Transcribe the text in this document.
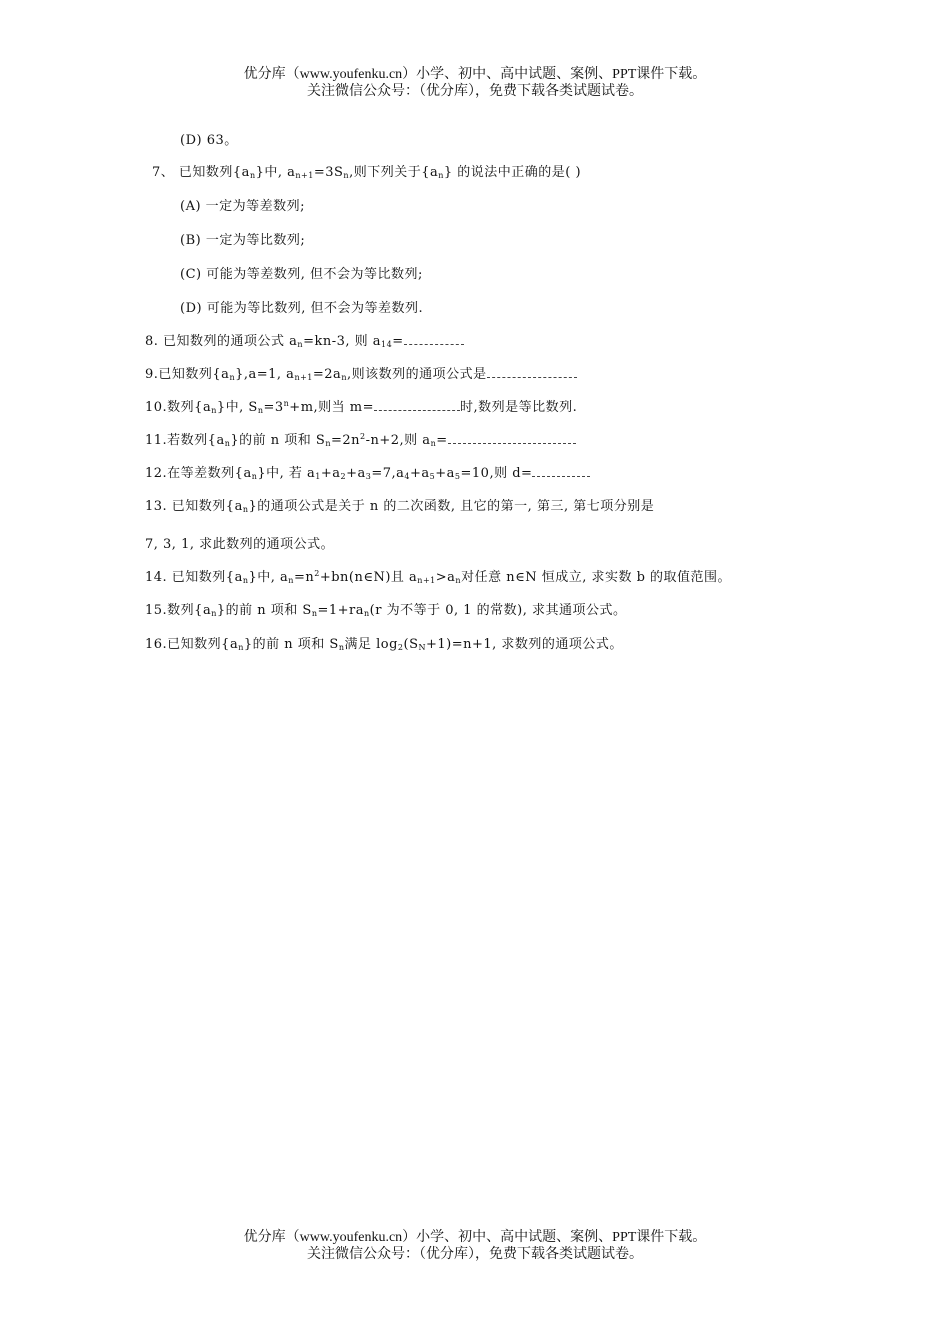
优分库（www.youfenku.cn）小学、初中、高中试题、案例、PPT课件下载。
关注微信公众号：（优分库），免费下载各类试题试卷。
(D) 63。
7、 已知数列$\{a_n\}$中, $a_{n+1}=3S_n$,则下列关于$\{a_n\}$ 的说法中正确的是( )
(A) 一定为等差数列;
(B) 一定为等比数列;
(C) 可能为等差数列, 但不会为等比数列;
(D) 可能为等比数列, 但不会为等差数列.
8. 已知数列的通项公式 $a_n=kn-3$, 则 $a_{14}=$
9.已知数列$\{a_n\},a=1$, $a_{n+1}=2a_n$,则该数列的通项公式是
10.数列$\{a_n\}$中, $S_n=3^n+m$,则当 m=	时,数列是等比数列.
11.若数列$\{a_n\}$的前 n 项和 $S_n=2n^2-n+2$,则 $a_n=$
12.在等差数列$\{a_n\}$中, 若 $a_1+a_2+a_3=7,a_4+a_5+a_5=10$,则 d=
13. 已知数列$\{a_n\}$的通项公式是关于 n 的二次函数, 且它的第一, 第三, 第七项分别是
7, 3, 1, 求此数列的通项公式。
14. 已知数列$\{a_n\}$中, $a_n=n^2+bn(n\in N)$且 $a_{n+1}>a_n$对任意 n∈N 恒成立, 求实数 b 的取值范围。
15.数列$\{a_n\}$的前 n 项和 $S_n=1+ra_n(r$ 为不等于 0, 1 的常数), 求其通项公式。
16.已知数列$\{a_n\}$的前 n 项和 $S_n$满足 $\log_2(S_N+1)=n+1$, 求数列的通项公式。
优分库（www.youfenku.cn）小学、初中、高中试题、案例、PPT课件下载。
关注微信公众号：（优分库），免费下载各类试题试卷。
